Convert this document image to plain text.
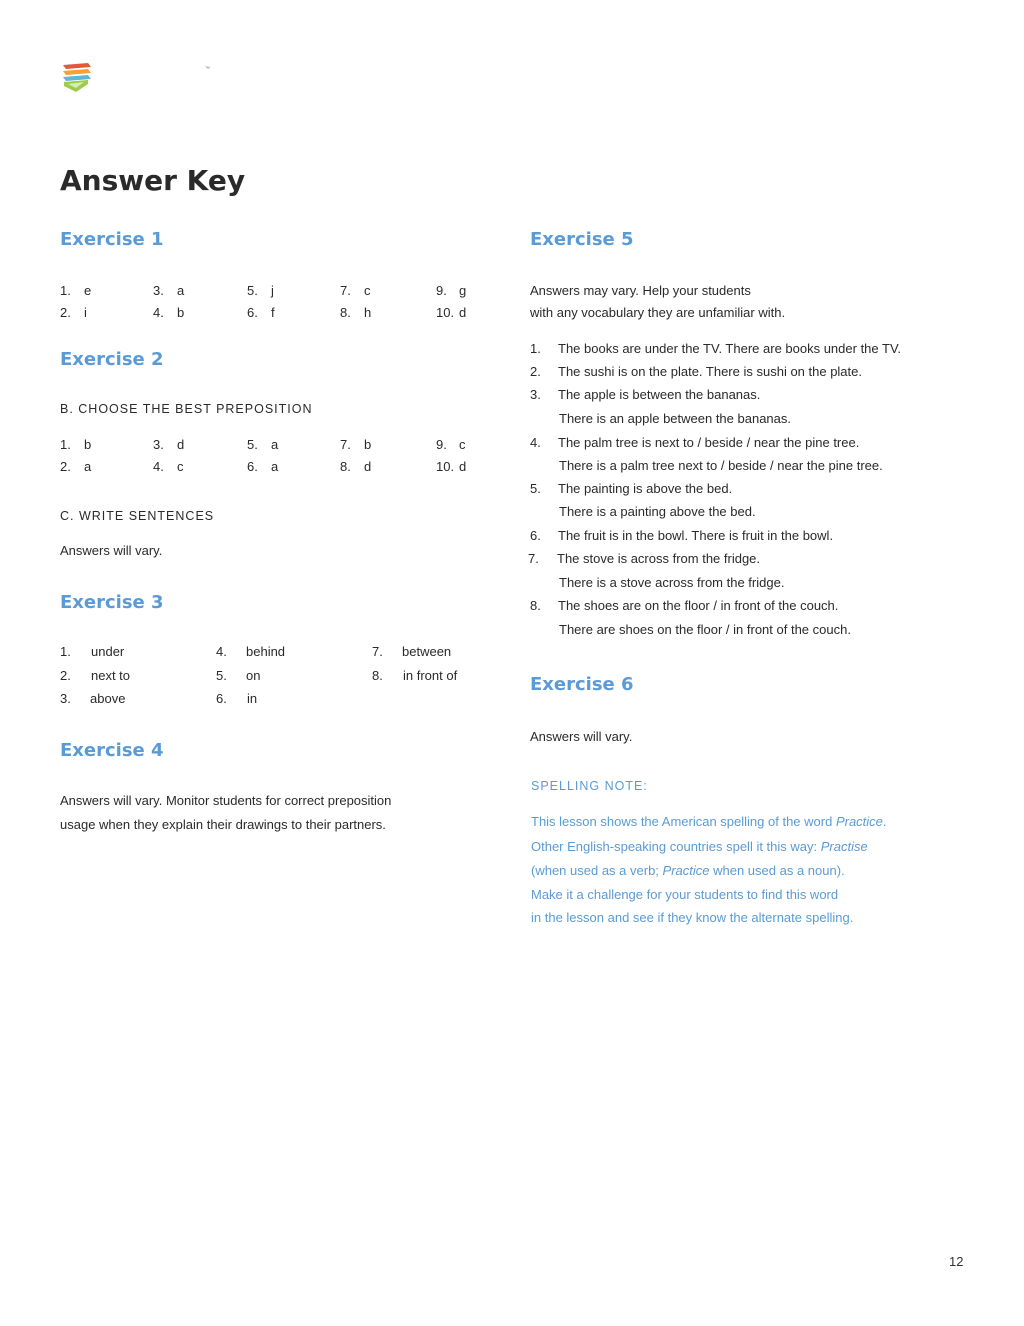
™
Answer Key
Exercise 1
1. e
2. i
3. a
4. b
5. j
6. f
7. c
8. h
9. g
10. d
Exercise 2
B. CHOOSE THE BEST PREPOSITION
1. b
2. a
3. d
4. c
5. a
6. a
7. b
8. d
9. c
10. d
C. WRITE SENTENCES
Answers will vary.
Exercise 3
1. under
2. next to
3. above
4. behind
5. on
6. in
7. between
8. in front of
Exercise 4
Answers will vary. Monitor students for correct preposition
usage when they explain their drawings to their partners.
Exercise 5
Answers may vary. Help your students
with any vocabulary they are unfamiliar with.
1. The books are under the TV. There are books under the TV.
2. The sushi is on the plate. There is sushi on the plate.
3. The apple is between the bananas.
There is an apple between the bananas.
4. The palm tree is next to / beside / near the pine tree.
There is a palm tree next to / beside / near the pine tree.
5. The painting is above the bed.
There is a painting above the bed.
6. The fruit is in the bowl. There is fruit in the bowl.
7. The stove is across from the fridge.
There is a stove across from the fridge.
8. The shoes are on the floor / in front of the couch.
There are shoes on the floor / in front of the couch.
Exercise 6
Answers will vary.
SPELLING NOTE:
This lesson shows the American spelling of the word Practice.
Other English-speaking countries spell it this way: Practise
(when used as a verb; Practice when used as a noun).
Make it a challenge for your students to find this word
in the lesson and see if they know the alternate spelling.
12
